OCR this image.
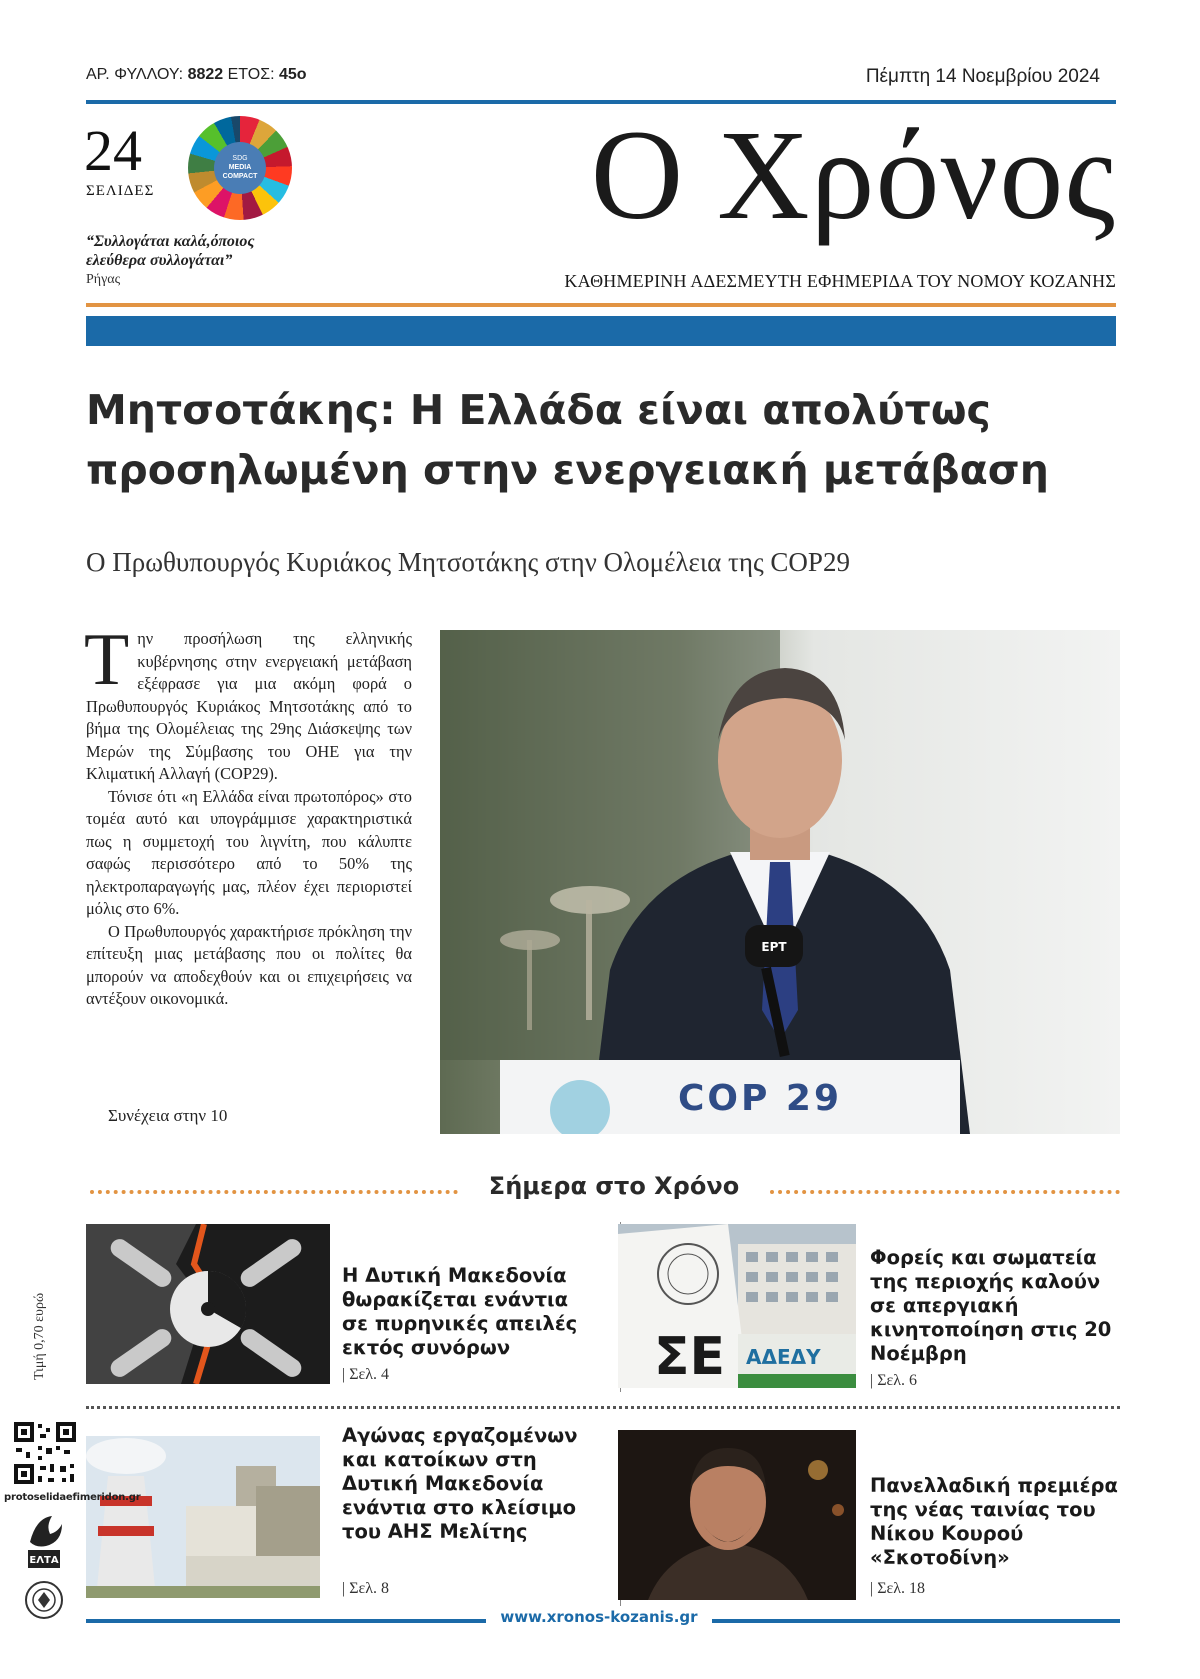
ΑΡ. ΦΥΛΛΟΥ: 8822 ΕΤΟΣ: 45ο	Πέμπτη 14 Νοεμβρίου 2024
24
ΣΕΛΙΔΕΣ
SDG
MEDIA
COMPACT
“Συλλογάται καλά,όποιος ελεύθερα συλλογάται”
Ρήγας
Ο Χρόνος
ΚΑΘΗΜΕΡΙΝΗ ΑΔΕΣΜΕΥΤΗ ΕΦΗΜΕΡΙΔΑ ΤΟΥ ΝΟΜΟΥ ΚΟΖΑΝΗΣ
Μητσοτάκης: Η Ελλάδα είναι απολύτως
προσηλωμένη στην ενεργειακή μετάβαση
Ο Πρωθυπουργός Κυριάκος Μητσοτάκης στην Ολομέλεια της COP29

Την προσήλωση της ελληνικής κυβέρνησης στην ενεργειακή μετάβαση εξέφρασε για μια ακόμη φορά ο Πρωθυπουργός Κυριάκος Μητσοτάκης από το βήμα της Ολομέλειας της 29ης Διάσκεψης των Μερών της Σύμβασης του ΟΗΕ για την Κλιματική Αλλαγή (COP29).

Τόνισε ότι «η Ελλάδα είναι πρωτοπόρος» στο τομέα αυτό και υπογράμμισε χαρακτηριστικά πως η συμμετοχή του λιγνίτη, που κάλυπτε σαφώς περισσότερο από το 50% της ηλεκτροπαραγωγής μας, πλέον έχει περιοριστεί μόλις στο 6%.

Ο Πρωθυπουργός χαρακτήρισε πρόκληση την επίτευξη μιας μετάβασης που οι πολίτες θα μπορούν να αποδεχθούν και οι επιχειρήσεις να αντέξουν οικονομικά.

Συνέχεια στην 10
ΕΡΤ
COP 29
Σήμερα στο Χρόνο
Τιμή 0,70 ευρώ
Η Δυτική Μακεδονία θωρακίζεται ενάντια σε πυρηνικές απειλές εκτός συνόρων
| Σελ. 4	ΣΕ ΑΔΕΔΥ
Φορείς και σωματεία της περιοχής καλούν σε απεργιακή κινητοποίηση στις 20 Νοέμβρη
| Σελ. 6
Αγώνας εργαζομένων και κατοίκων στη Δυτική Μακεδονία ενάντια στο κλείσιμο του ΑΗΣ Μελίτης
| Σελ. 8
Πανελλαδική πρεμιέρα της νέας ταινίας του Νίκου Κουρού «Σκοτοδίνη»
| Σελ. 18
www.xronos-kozanis.gr
protoselidaefimeridon.gr
ΕΛΤΑ
